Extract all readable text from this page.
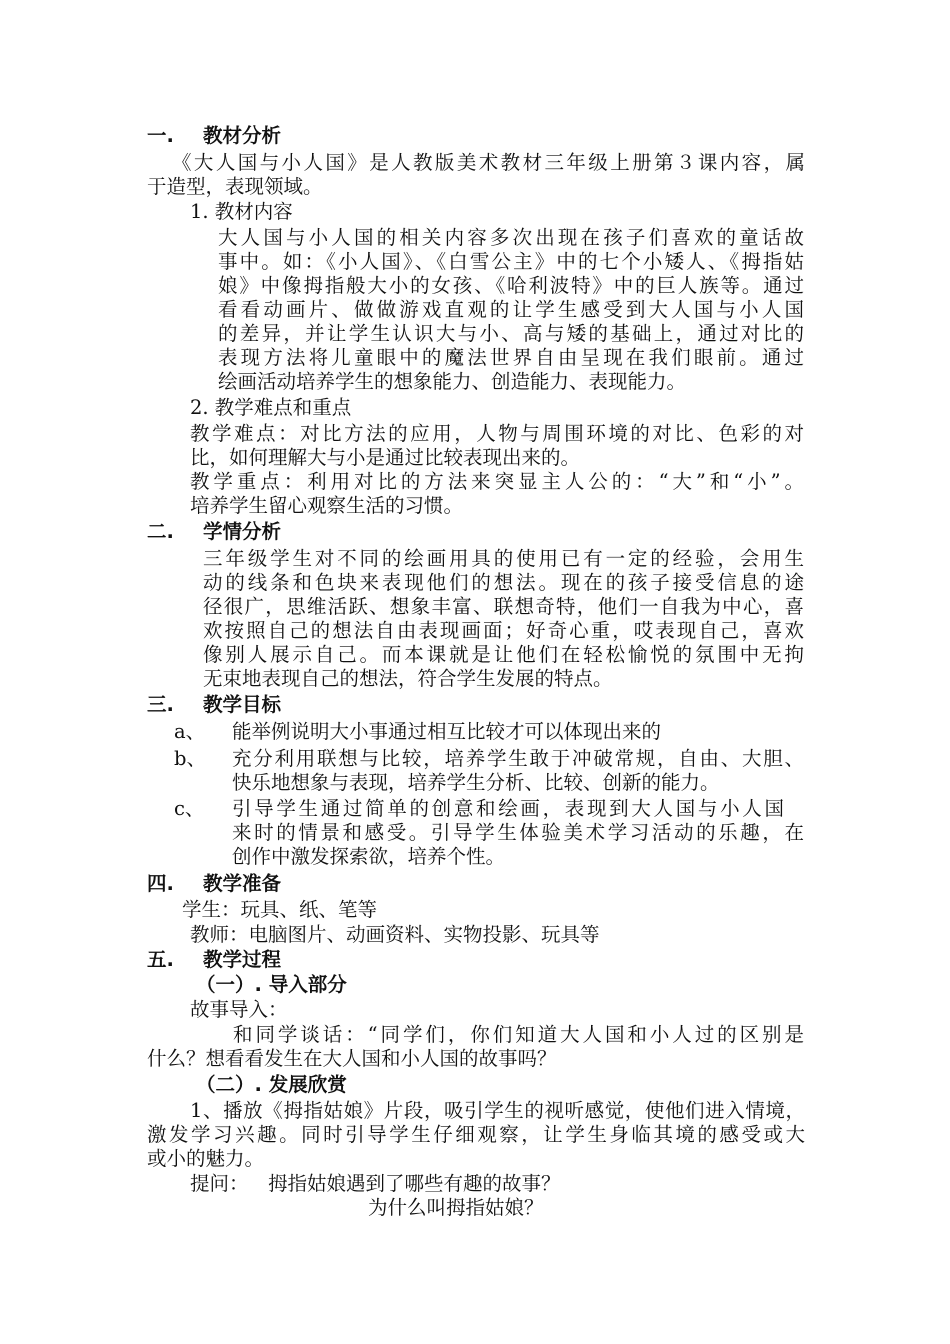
一. 教材分析
《大人国与小人国》是人教版美术教材三年级上册第３课内容，属
于造型，表现领域。
1. 教材内容
大人国与小人国的相关内容多次出现在孩子们喜欢的童话故
事中。如：《小人国》、《白雪公主》中的七个小矮人、《拇指姑
娘》中像拇指般大小的女孩、《哈利波特》中的巨人族等。通过
看看动画片、做做游戏直观的让学生感受到大人国与小人国
的差异，并让学生认识大与小、高与矮的基础上，通过对比的
表现方法将儿童眼中的魔法世界自由呈现在我们眼前。通过
绘画活动培养学生的想象能力、创造能力、表现能力。
2. 教学难点和重点
教学难点：对比方法的应用，人物与周围环境的对比、色彩的对
比，如何理解大与小是通过比较表现出来的。
教学重点：利用对比的方法来突显主人公的：“大”和“小”。
培养学生留心观察生活的习惯。
二. 学情分析
三年级学生对不同的绘画用具的使用已有一定的经验，会用生
动的线条和色块来表现他们的想法。现在的孩子接受信息的途
径很广，思维活跃、想象丰富、联想奇特，他们一自我为中心，喜
欢按照自己的想法自由表现画面；好奇心重，哎表现自己，喜欢
像别人展示自己。而本课就是让他们在轻松愉悦的氛围中无拘
无束地表现自己的想法，符合学生发展的特点。
三. 教学目标
a、 能举例说明大小事通过相互比较才可以体现出来的
b、 充分利用联想与比较，培养学生敢于冲破常规，自由、大胆、
快乐地想象与表现，培养学生分析、比较、创新的能力。
c、 引导学生通过简单的创意和绘画，表现到大人国与小人国
来时的情景和感受。引导学生体验美术学习活动的乐趣，在
创作中激发探索欲，培养个性。
四. 教学准备
学生：玩具、纸、笔等
教师：电脑图片、动画资料、实物投影、玩具等
五. 教学过程
（一）. 导入部分
故事导入：
和同学谈话：“同学们，你们知道大人国和小人过的区别是
什么？想看看发生在大人国和小人国的故事吗？
（二）. 发展欣赏
1、播放《拇指姑娘》片段，吸引学生的视听感觉，使他们进入情境，
激发学习兴趣。同时引导学生仔细观察，让学生身临其境的感受或大
或小的魅力。
提问： 拇指姑娘遇到了哪些有趣的故事？
为什么叫拇指姑娘？
